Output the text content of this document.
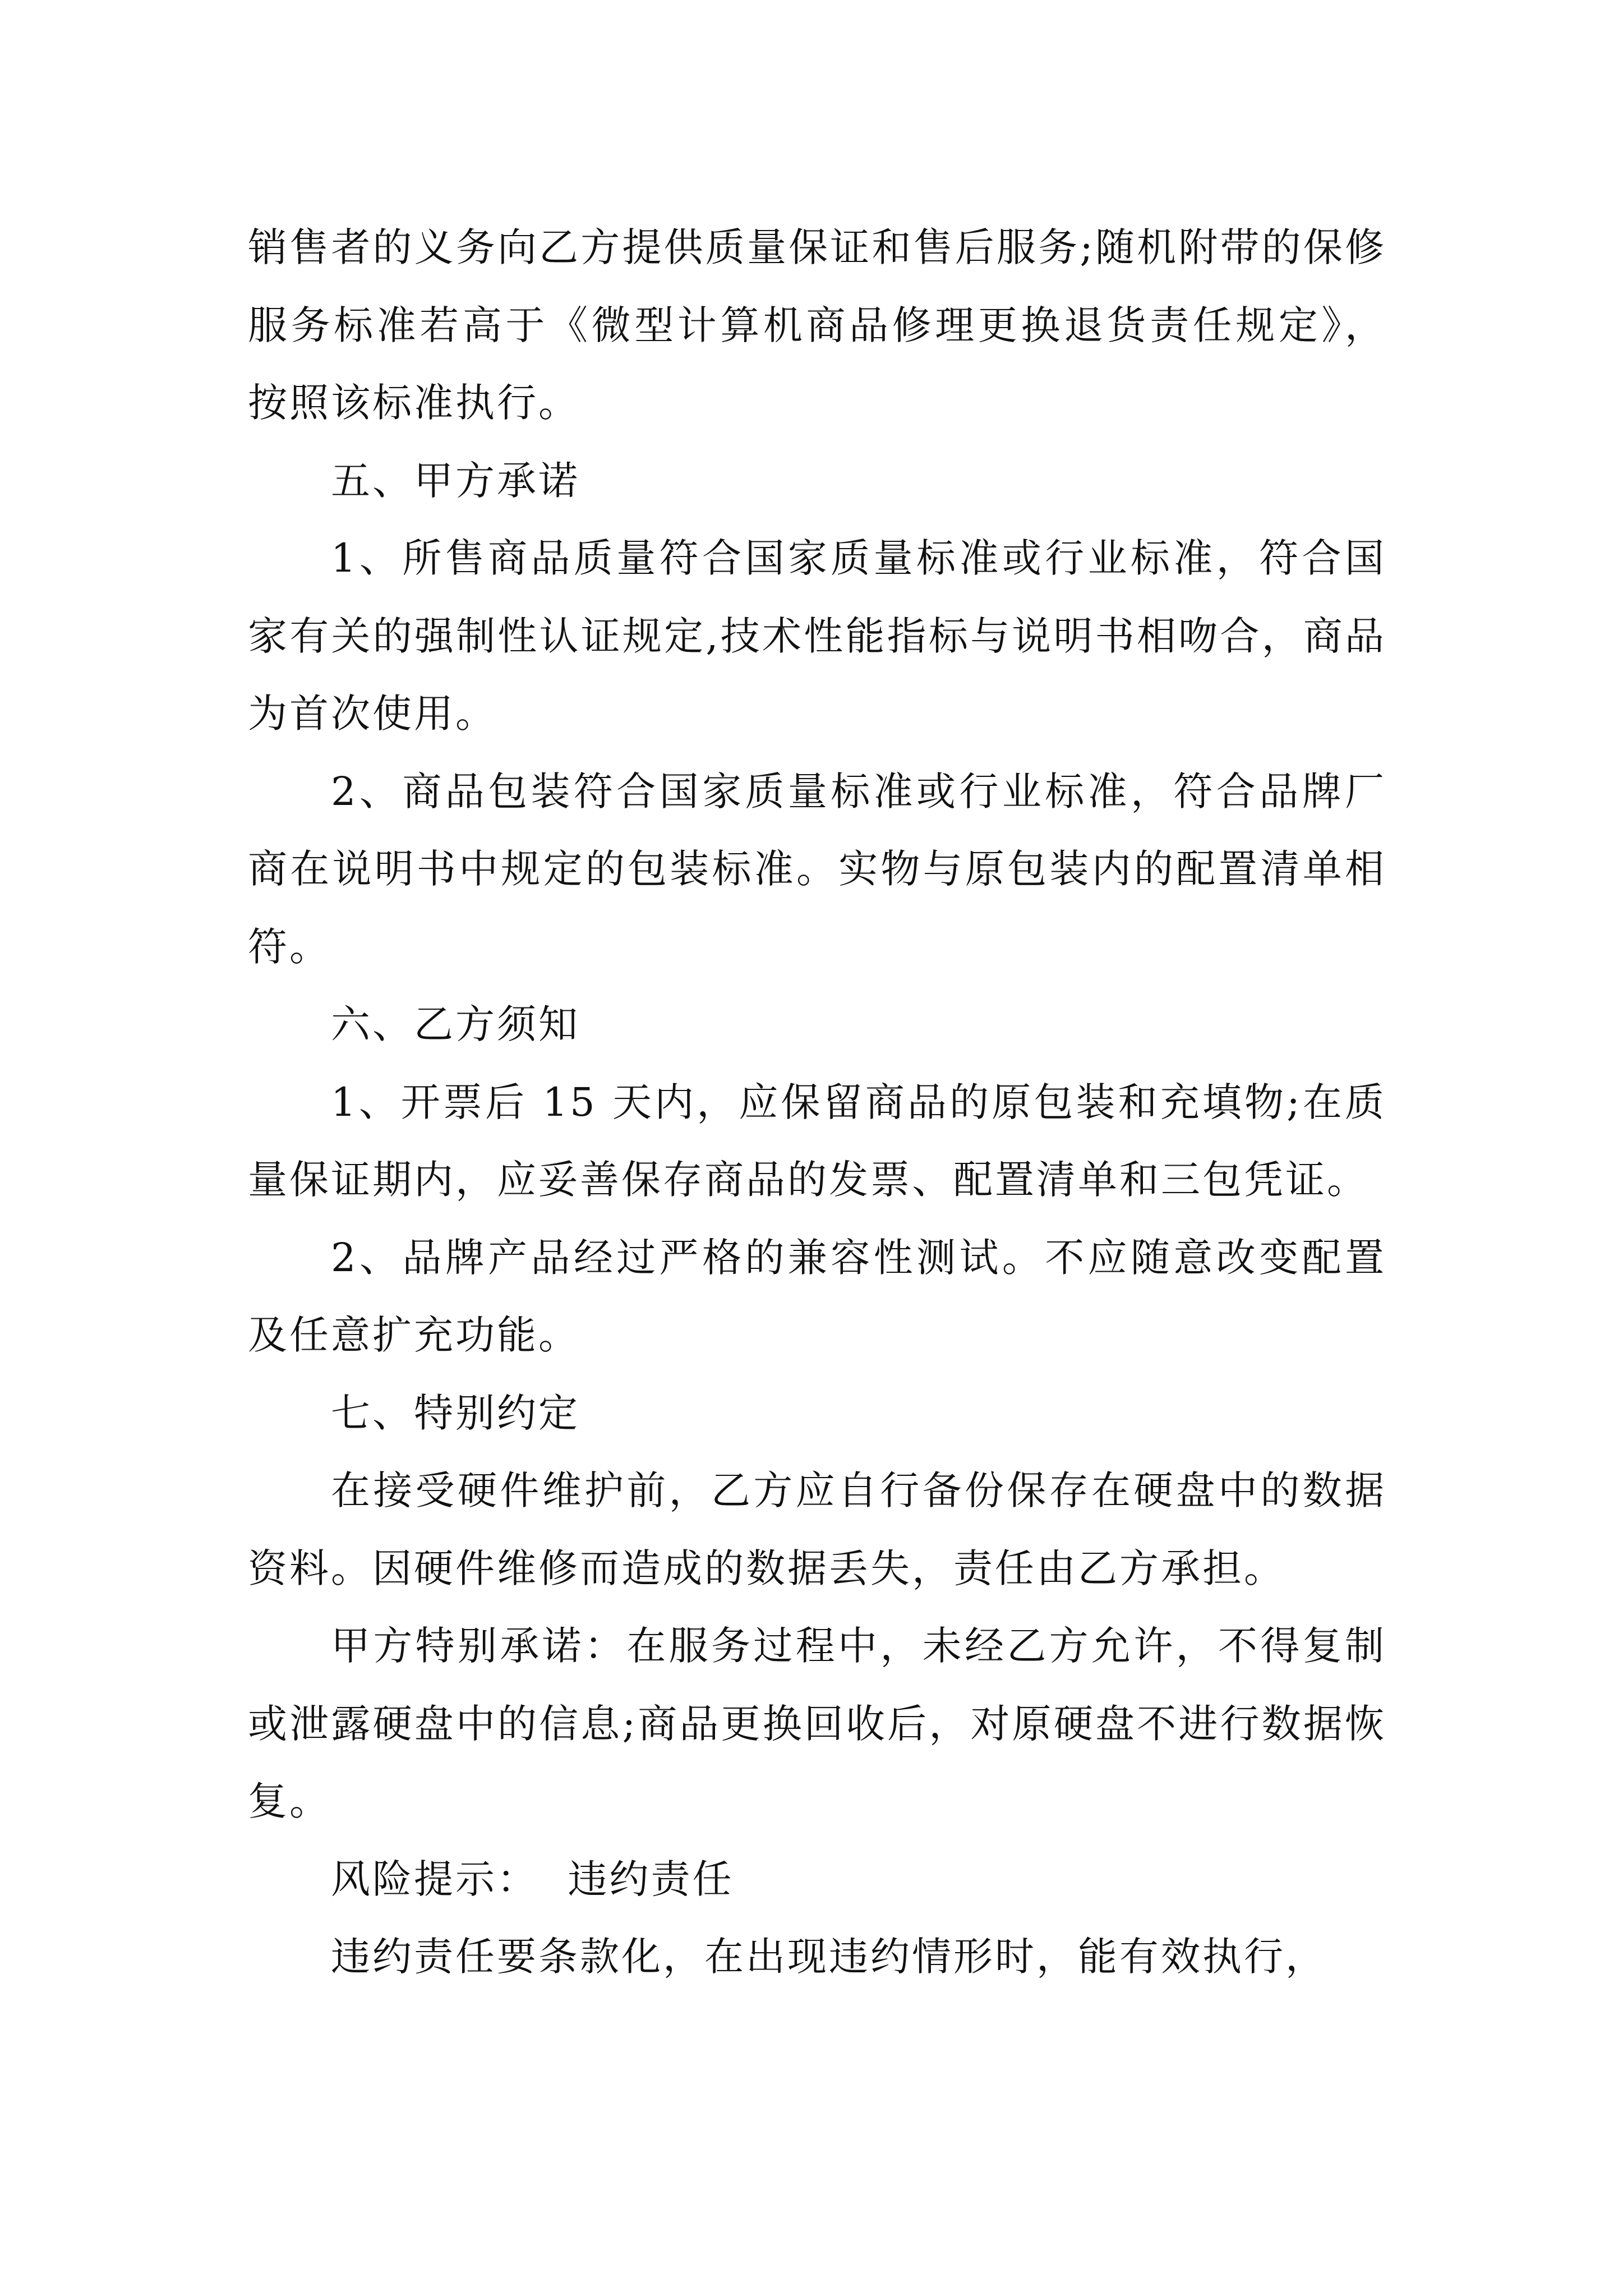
销售者的义务向乙方提供质量保证和售后服务;随机附带的保修服务标准若高于《微型计算机商品修理更换退货责任规定》，按照该标准执行。

五、甲方承诺

1、所售商品质量符合国家质量标准或行业标准，符合国家有关的强制性认证规定,技术性能指标与说明书相吻合，商品为首次使用。

2、商品包装符合国家质量标准或行业标准，符合品牌厂商在说明书中规定的包装标准。实物与原包装内的配置清单相符。

六、乙方须知

1、开票后 15 天内，应保留商品的原包装和充填物;在质量保证期内，应妥善保存商品的发票、配置清单和三包凭证。

2、品牌产品经过严格的兼容性测试。不应随意改变配置及任意扩充功能。

七、特别约定

在接受硬件维护前，乙方应自行备份保存在硬盘中的数据资料。因硬件维修而造成的数据丢失，责任由乙方承担。

甲方特别承诺：在服务过程中，未经乙方允许，不得复制或泄露硬盘中的信息;商品更换回收后，对原硬盘不进行数据恢复。

风险提示：  违约责任

违约责任要条款化，在出现违约情形时，能有效执行，
